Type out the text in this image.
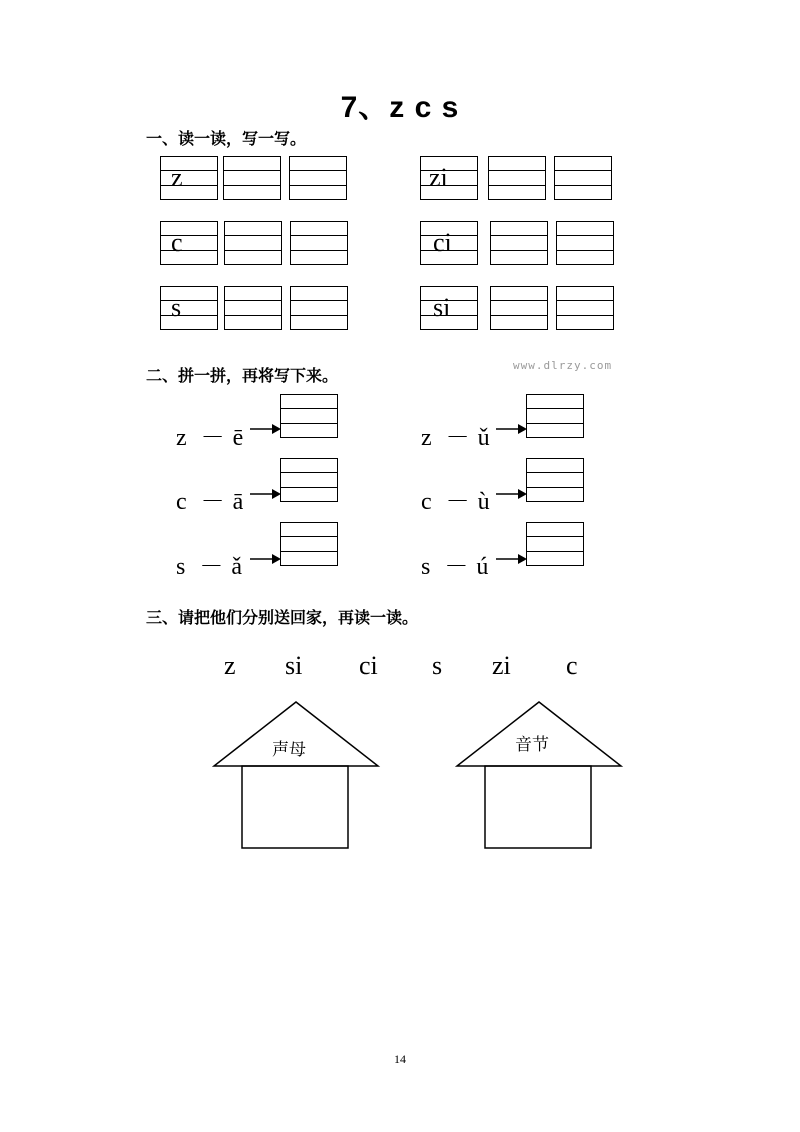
7、z c s
一、读一读，写一写。
z	zi
c	ci
s	si
二、拼一拼，再将写下来。
www.dlrzy.com
z － ē
c － ā
s － ǎ
z － ǔ
c － ù
s － ú
三、请把他们分别送回家，再读一读。
z si ci s zi c
声母	音节
14
